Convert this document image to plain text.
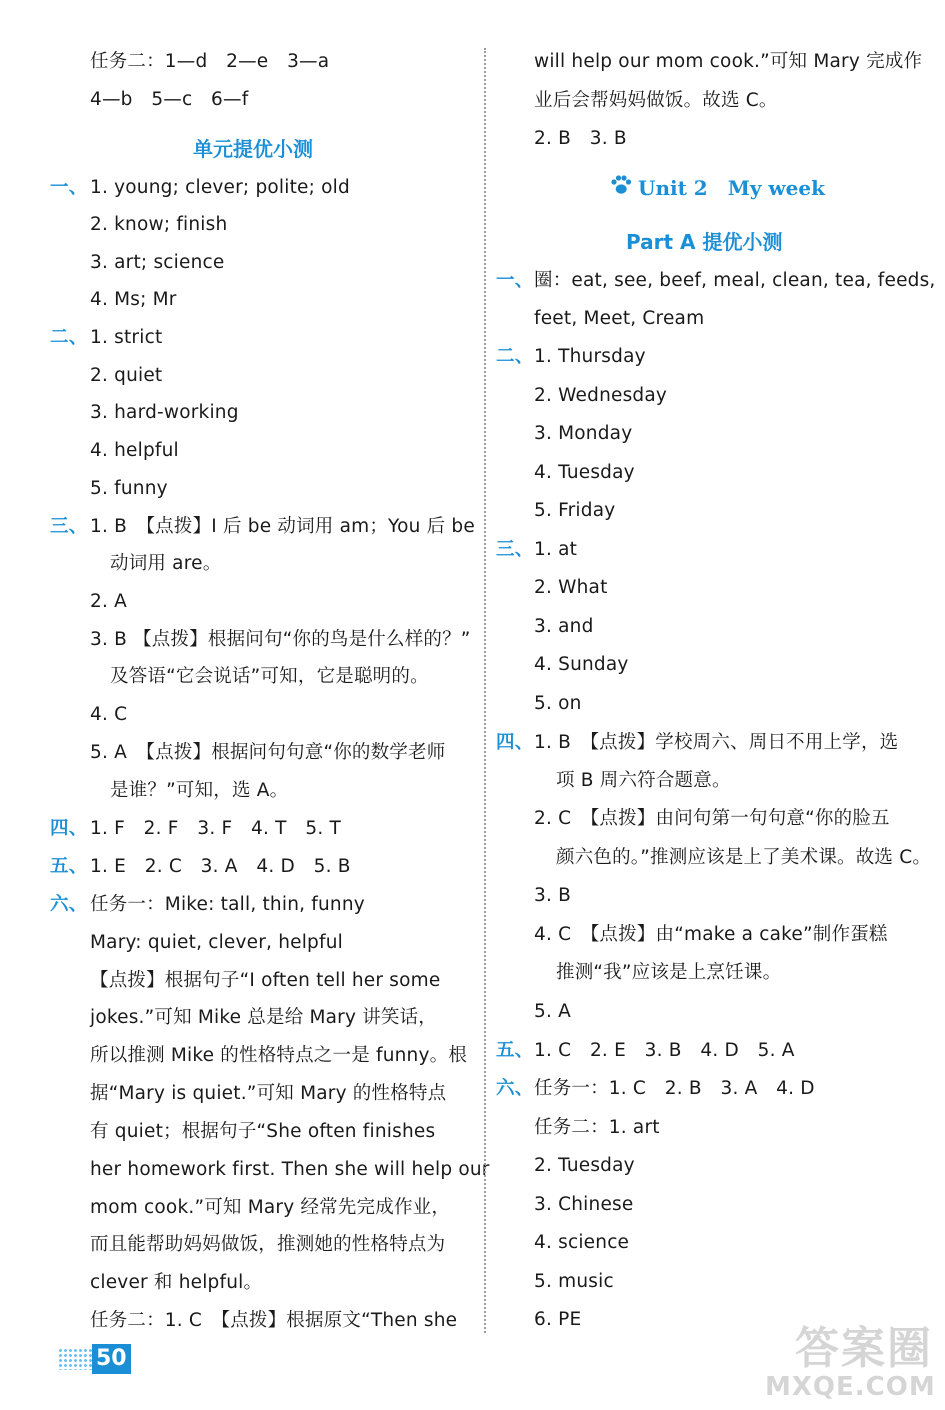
任务二：1—d　2—e　3—a
4—b　5—c　6—f
单元提优小测
一、 1. young; clever; polite; old
2. know; finish
3. art; science
4. Ms; Mr
二、 1. strict
2. quiet
3. hard-working
4. helpful
5. funny
三、 1. B　【点拨】I 后 be 动词用 am；You 后 be
动词用 are。
2. A
3. B 【点拨】根据问句“你的鸟是什么样的？”
及答语“它会说话”可知，它是聪明的。
4. C
5. A　【点拨】根据问句句意“你的数学老师
是谁？”可知，选 A。
四、 1. F　2. F　3. F　4. T　5. T
五、 1. E　2. C　3. A　4. D　5. B
六、 任务一：Mike: tall, thin, funny
Mary: quiet, clever, helpful
【点拨】根据句子“I often tell her some
jokes.”可知 Mike 总是给 Mary 讲笑话，
所以推测 Mike 的性格特点之一是 funny。根
据“Mary is quiet.”可知 Mary 的性格特点
有 quiet；根据句子“She often finishes
her homework first. Then she will help our
mom cook.”可知 Mary 经常先完成作业，
而且能帮助妈妈做饭，推测她的性格特点为
clever 和 helpful。
任务二：1. C　【点拨】根据原文“Then she
will help our mom cook.”可知 Mary 完成作
业后会帮妈妈做饭。故选 C。
2. B　3. B
Unit 2　My week
Part A 提优小测
一、 圈：eat, see, beef, meal, clean, tea, feeds,
feet, Meet, Cream
二、 1. Thursday
2. Wednesday
3. Monday
4. Tuesday
5. Friday
三、 1. at
2. What
3. and
4. Sunday
5. on
四、 1. B　【点拨】学校周六、周日不用上学，选
项 B 周六符合题意。
2. C　【点拨】由问句第一句句意“你的脸五
颜六色的。”推测应该是上了美术课。故选 C。
3. B
4. C　【点拨】由“make a cake”制作蛋糕
推测“我”应该是上烹饪课。
5. A
五、 1. C　2. E　3. B　4. D　5. A
六、 任务一：1. C　2. B　3. A　4. D
任务二：1. art
2. Tuesday
3. Chinese
4. science
5. music
6. PE
50	答案圈
MXQE.COM
